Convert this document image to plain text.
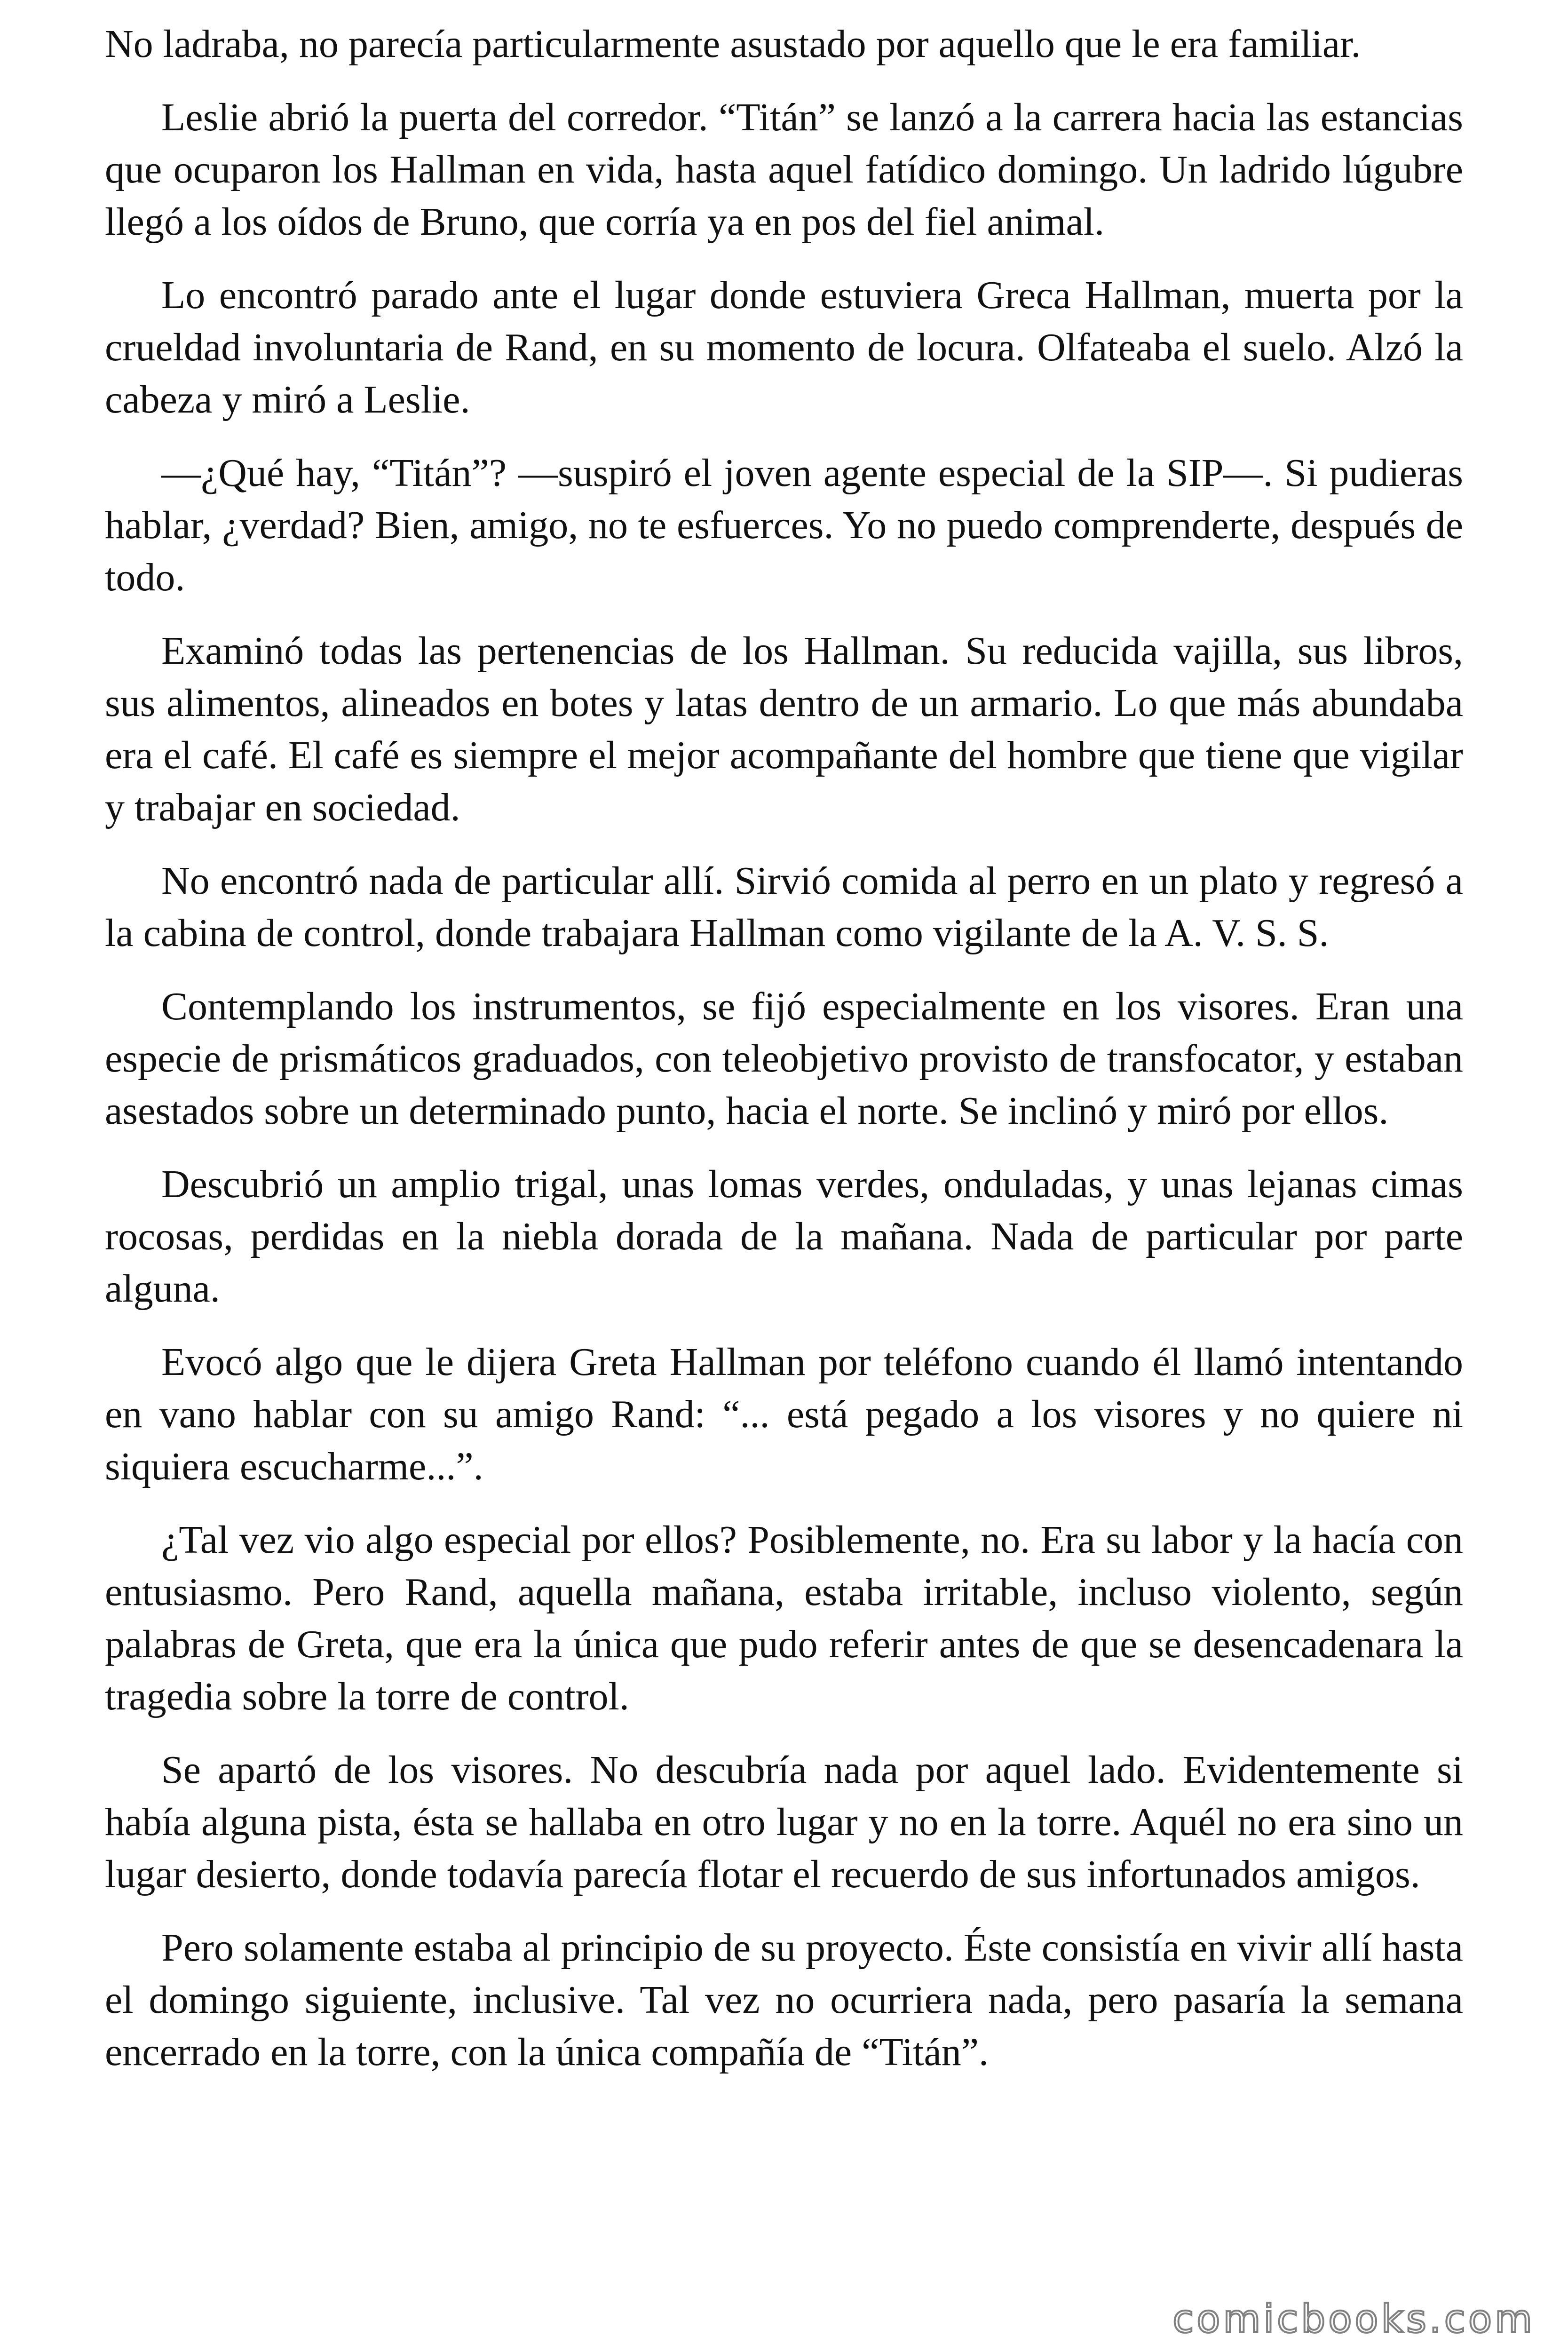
No ladraba, no parecía particularmente asustado por aquello que le era familiar.

Leslie abrió la puerta del corredor. “Titán” se lanzó a la carrera hacia las estancias que ocuparon los Hallman en vida, hasta aquel fatídico domingo. Un ladrido lúgubre llegó a los oídos de Bruno, que corría ya en pos del fiel animal.

Lo encontró parado ante el lugar donde estuviera Greca Hallman, muerta por la crueldad involuntaria de Rand, en su momento de locura. Olfateaba el suelo. Alzó la cabeza y miró a Leslie.

—¿Qué hay, “Titán”? —suspiró el joven agente especial de la SIP—. Si pudieras hablar, ¿verdad? Bien, amigo, no te esfuerces. Yo no puedo comprenderte, después de todo.

Examinó todas las pertenencias de los Hallman. Su reducida vajilla, sus libros, sus alimentos, alineados en botes y latas dentro de un armario. Lo que más abundaba era el café. El café es siempre el mejor acompañante del hombre que tiene que vigilar y trabajar en sociedad.

No encontró nada de particular allí. Sirvió comida al perro en un plato y regresó a la cabina de control, donde trabajara Hallman como vigilante de la A. V. S. S.

Contemplando los instrumentos, se fijó especialmente en los visores. Eran una especie de prismáticos graduados, con teleobjetivo provisto de transfocator, y estaban asestados sobre un determinado punto, hacia el norte. Se inclinó y miró por ellos.

Descubrió un amplio trigal, unas lomas verdes, onduladas, y unas lejanas cimas rocosas, perdidas en la niebla dorada de la mañana. Nada de particular por parte alguna.

Evocó algo que le dijera Greta Hallman por teléfono cuando él llamó intentando en vano hablar con su amigo Rand: “... está pegado a los visores y no quiere ni siquiera escucharme...”.

¿Tal vez vio algo especial por ellos? Posiblemente, no. Era su labor y la hacía con entusiasmo. Pero Rand, aquella mañana, estaba irritable, incluso violento, según palabras de Greta, que era la única que pudo referir antes de que se desencadenara la tragedia sobre la torre de control.

Se apartó de los visores. No descubría nada por aquel lado. Evidentemente si había alguna pista, ésta se hallaba en otro lugar y no en la torre. Aquél no era sino un lugar desierto, donde todavía parecía flotar el recuerdo de sus infortunados amigos.

Pero solamente estaba al principio de su proyecto. Éste consistía en vivir allí hasta el domingo siguiente, inclusive. Tal vez no ocurriera nada, pero pasaría la semana encerrado en la torre, con la única compañía de “Titán”.

comicbooks.com
